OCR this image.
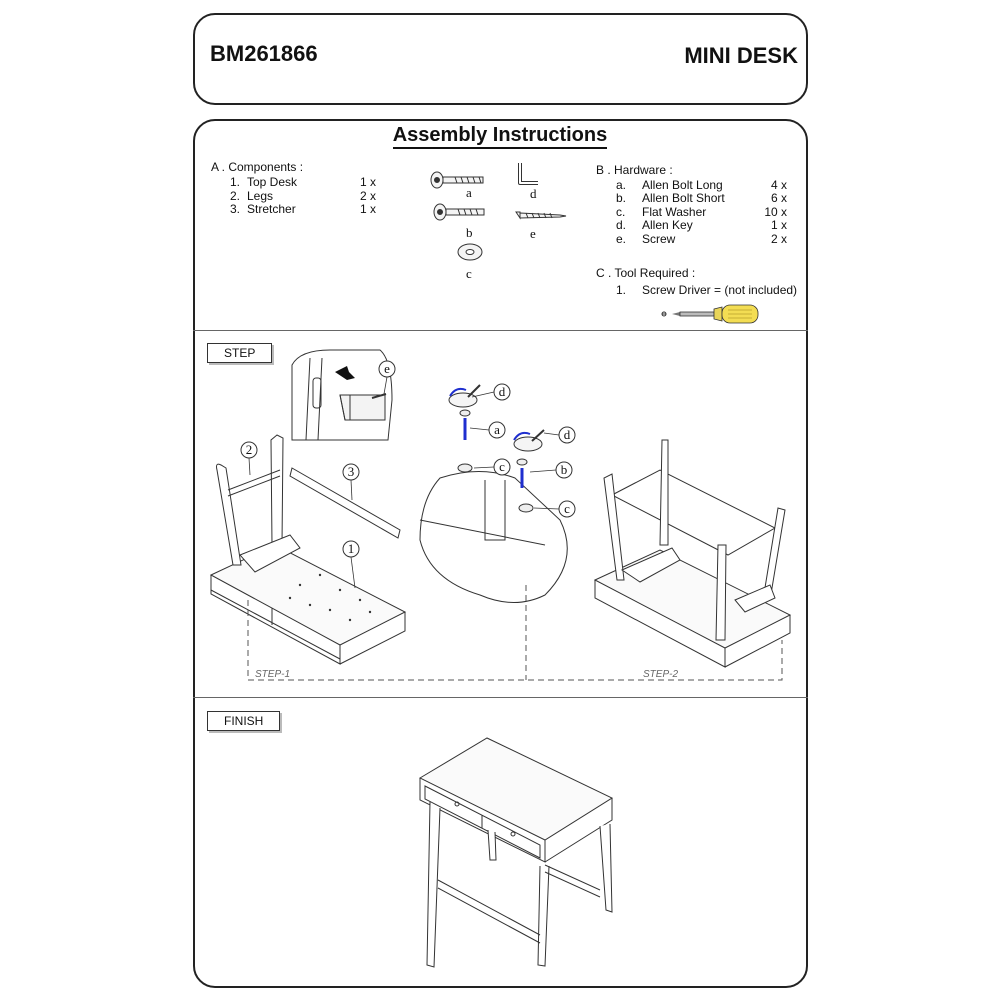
BM261866	MINI DESK
Assembly Instructions
A . Components :
1. Top Desk	1 x
2. Legs	2 x
3. Stretcher	1 x
B . Hardware :
a. Allen Bolt Long	4 x
b. Allen Bolt Short	6 x
c. Flat Washer	10 x
d. Allen Key	1 x
e. Screw	2 x
C . Tool Required :
1. Screw Driver = (not included)
a
b
c
d
e
STEP
FINISH
1
2
3
d
a
c
d
b
c
e
STEP-1	STEP-2
